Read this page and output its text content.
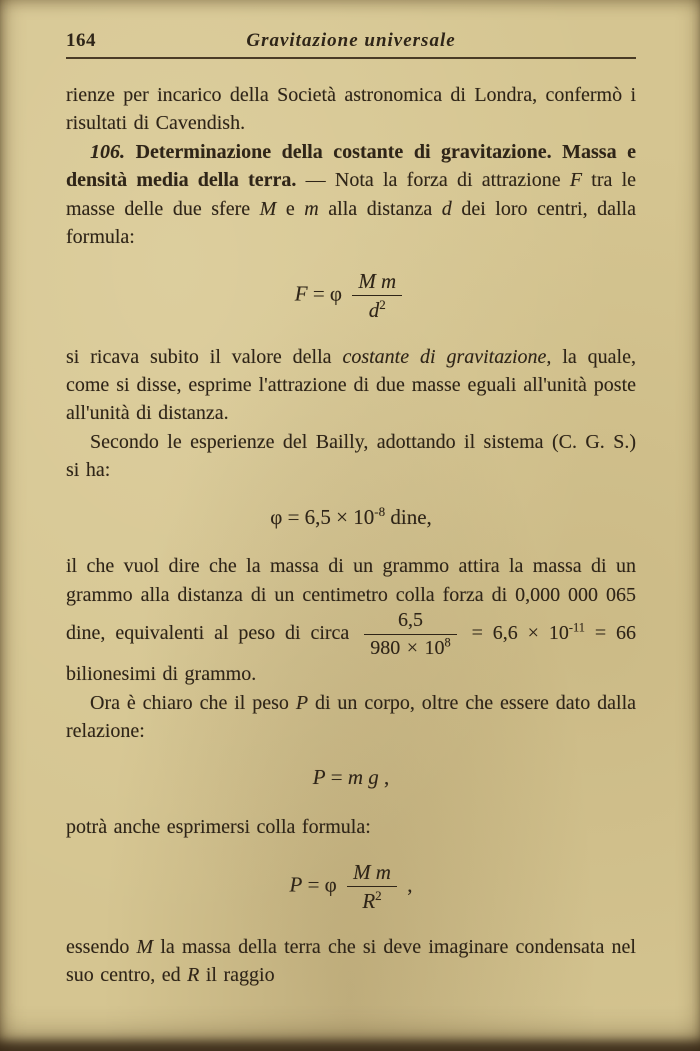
164	Gravitazione universale

rienze per incarico della Società astronomica di Londra, confermò i risultati di Cavendish.

106. Determinazione della costante di gravitazione. Massa e densità media della terra. — Nota la forza di attrazione F tra le masse delle due sfere M e m alla distanza d dei loro centri, dalla formula:

F = φ $\frac{\text{M m}}{d^2}$

si ricava subito il valore della costante di gravitazione, la quale, come si disse, esprime l'attrazione di due masse eguali all'unità poste all'unità di distanza.

Secondo le esperienze del Bailly, adottando il sistema (C. G. S.) si ha:

$\varphi = 6,5 \times 10^{-8}$ dine,

il che vuol dire che la massa di un grammo attira la massa di un grammo alla distanza di un centimetro colla forza di 0,000 000 065 dine, equivalenti al peso di circa $\frac{6,5}{980 \times 10^8} = 6,6 \times 10^{-11} = 66$ bilionesimi di grammo.

Ora è chiaro che il peso P di un corpo, oltre che essere dato dalla relazione:

P = m g ,

potrà anche esprimersi colla formula:

P = φ $\frac{\text{M m}}{R^2}$ ,

essendo M la massa della terra che si deve imaginare condensata nel suo centro, ed R il raggio
